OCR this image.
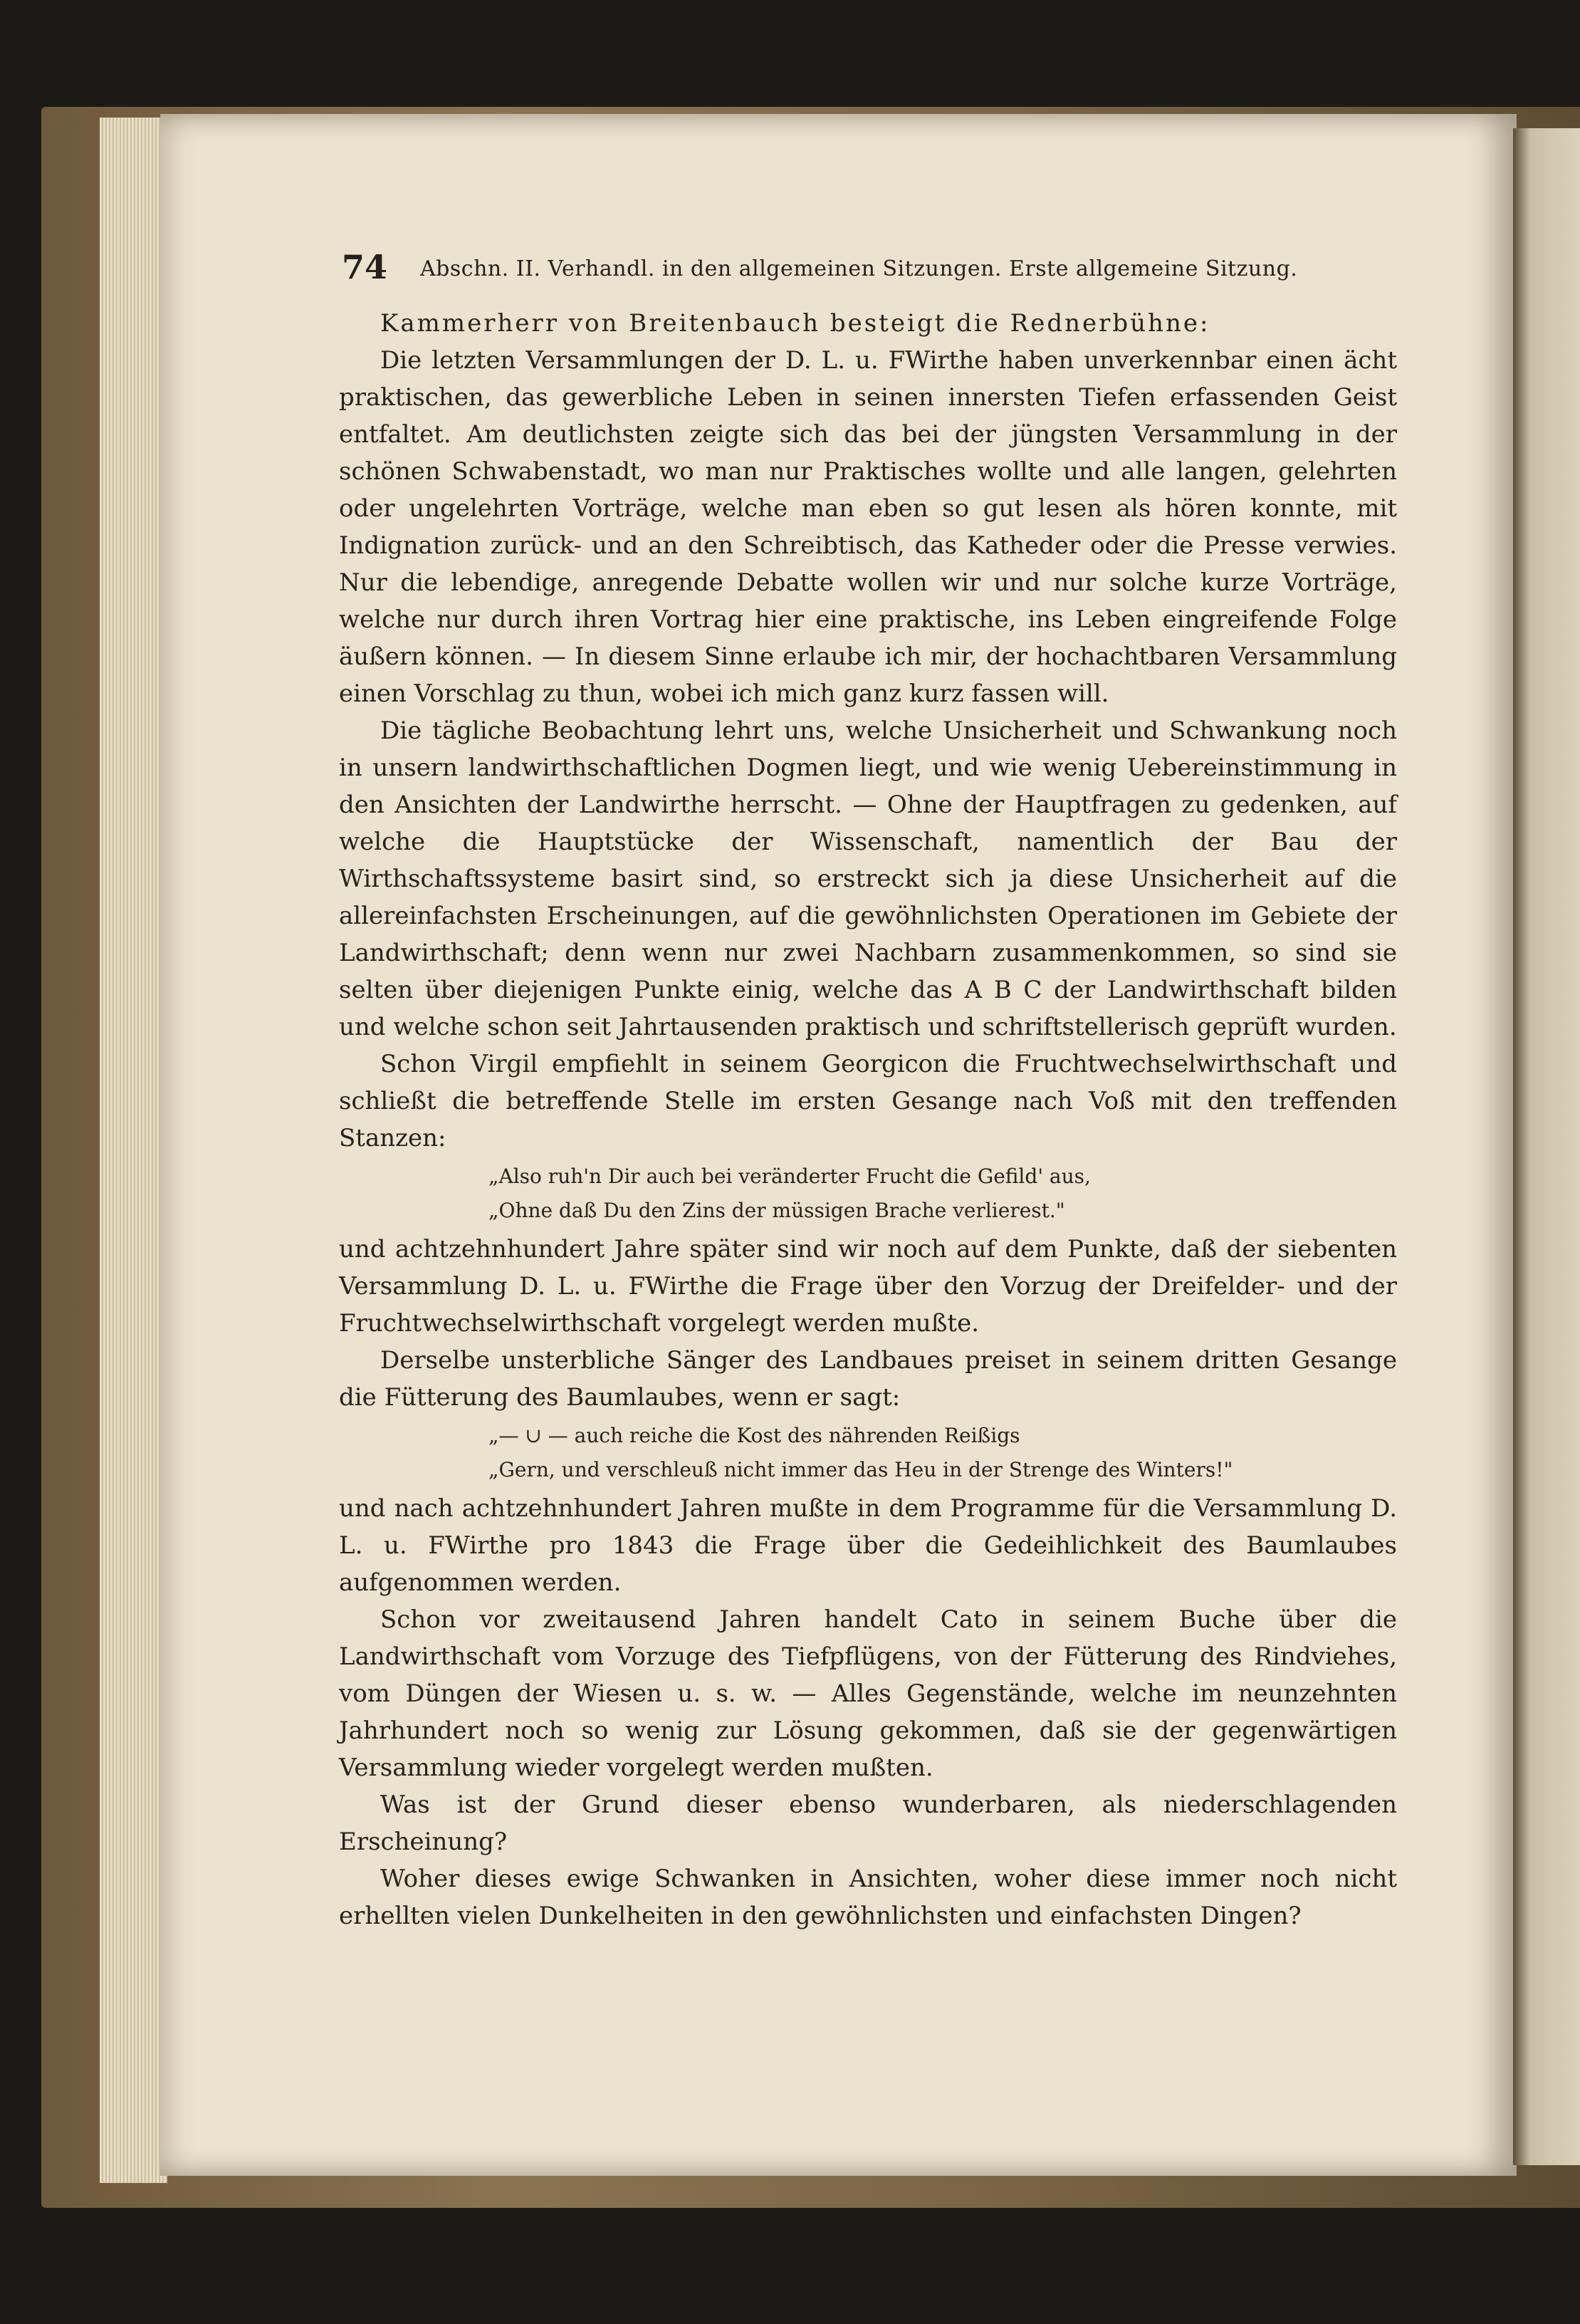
74 Abschn. II. Verhandl. in den allgemeinen Sitzungen. Erste allgemeine Sitzung.

Kammerherr von Breitenbauch besteigt die Rednerbühne:

Die letzten Versammlungen der D. L. u. FWirthe haben unverkennbar einen ächt praktischen, das gewerbliche Leben in seinen innersten Tiefen erfassenden Geist entfaltet. Am deutlichsten zeigte sich das bei der jüngsten Versammlung in der schönen Schwabenstadt, wo man nur Praktisches wollte und alle langen, gelehrten oder ungelehrten Vorträge, welche man eben so gut lesen als hören konnte, mit Indignation zurück- und an den Schreibtisch, das Katheder oder die Presse verwies. Nur die lebendige, anregende Debatte wollen wir und nur solche kurze Vorträge, welche nur durch ihren Vortrag hier eine praktische, ins Leben eingreifende Folge äußern können. — In diesem Sinne erlaube ich mir, der hochachtbaren Versammlung einen Vorschlag zu thun, wobei ich mich ganz kurz fassen will.

Die tägliche Beobachtung lehrt uns, welche Unsicherheit und Schwankung noch in unsern landwirthschaftlichen Dogmen liegt, und wie wenig Uebereinstimmung in den Ansichten der Landwirthe herrscht. — Ohne der Hauptfragen zu gedenken, auf welche die Hauptstücke der Wissenschaft, namentlich der Bau der Wirthschaftssysteme basirt sind, so erstreckt sich ja diese Unsicherheit auf die allereinfachsten Erscheinungen, auf die gewöhnlichsten Operationen im Gebiete der Landwirthschaft; denn wenn nur zwei Nachbarn zusammenkommen, so sind sie selten über diejenigen Punkte einig, welche das A B C der Landwirthschaft bilden und welche schon seit Jahrtausenden praktisch und schriftstellerisch geprüft wurden.

Schon Virgil empfiehlt in seinem Georgicon die Fruchtwechselwirthschaft und schließt die betreffende Stelle im ersten Gesange nach Voß mit den treffenden Stanzen:

„Also ruh'n Dir auch bei veränderter Frucht die Gefild' aus,
„Ohne daß Du den Zins der müssigen Brache verlierest."

und achtzehnhundert Jahre später sind wir noch auf dem Punkte, daß der siebenten Versammlung D. L. u. FWirthe die Frage über den Vorzug der Dreifelder- und der Fruchtwechselwirthschaft vorgelegt werden mußte.

Derselbe unsterbliche Sänger des Landbaues preiset in seinem dritten Gesange die Fütterung des Baumlaubes, wenn er sagt:

„— ∪ — auch reiche die Kost des nährenden Reißigs
„Gern, und verschleuß nicht immer das Heu in der Strenge des Winters!"

und nach achtzehnhundert Jahren mußte in dem Programme für die Versammlung D. L. u. FWirthe pro 1843 die Frage über die Gedeihlichkeit des Baumlaubes aufgenommen werden.

Schon vor zweitausend Jahren handelt Cato in seinem Buche über die Landwirthschaft vom Vorzuge des Tiefpflügens, von der Fütterung des Rindviehes, vom Düngen der Wiesen u. s. w. — Alles Gegenstände, welche im neunzehnten Jahrhundert noch so wenig zur Lösung gekommen, daß sie der gegenwärtigen Versammlung wieder vorgelegt werden mußten.

Was ist der Grund dieser ebenso wunderbaren, als niederschlagenden Erscheinung?

Woher dieses ewige Schwanken in Ansichten, woher diese immer noch nicht erhellten vielen Dunkelheiten in den gewöhnlichsten und einfachsten Dingen?
